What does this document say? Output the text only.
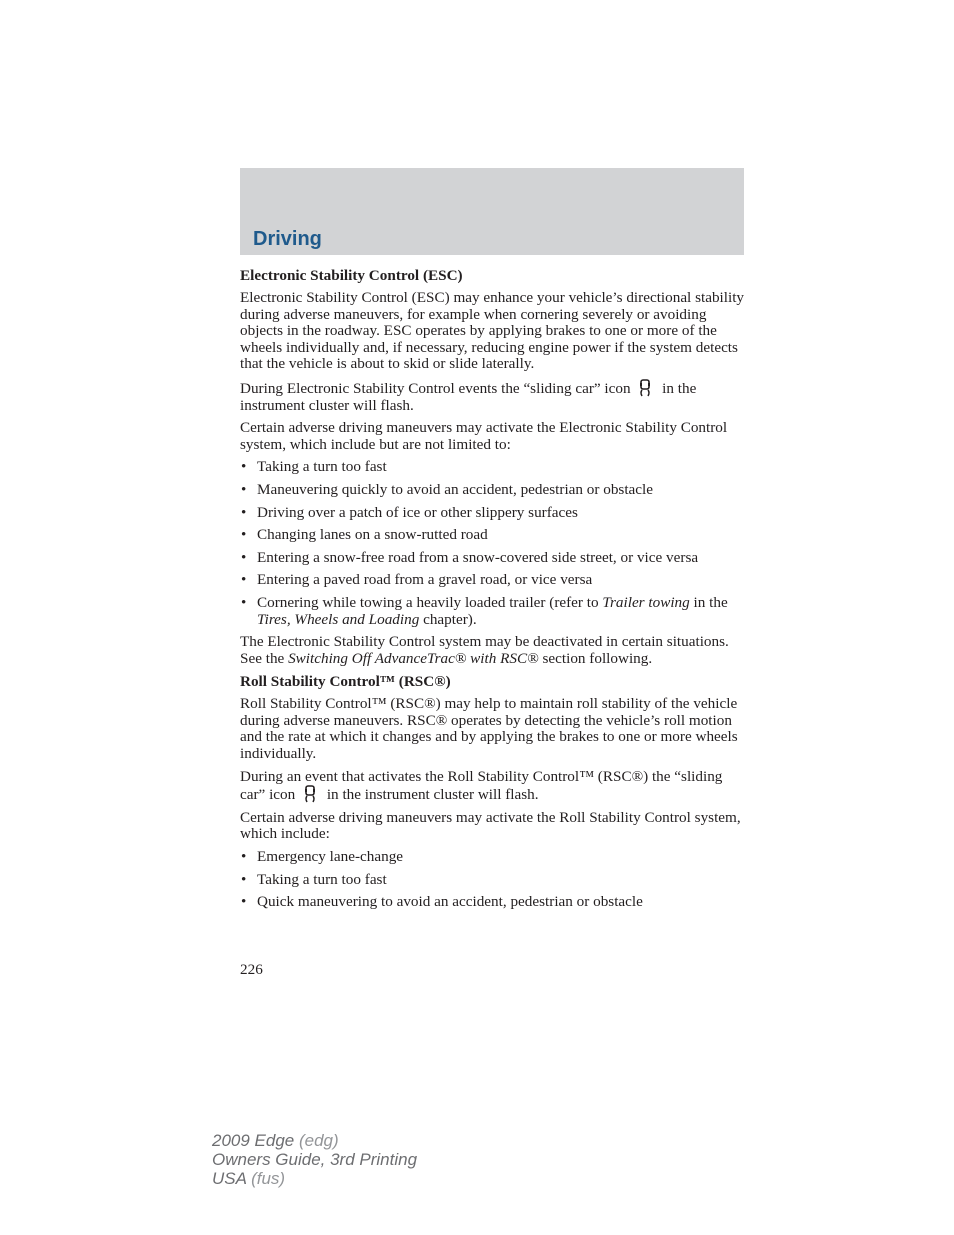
Driving
Electronic Stability Control (ESC)

Electronic Stability Control (ESC) may enhance your vehicle’s directional stability during adverse maneuvers, for example when cornering severely or avoiding objects in the roadway. ESC operates by applying brakes to one or more of the wheels individually and, if necessary, reducing engine power if the system detects that the vehicle is about to skid or slide laterally.

During Electronic Stability Control events the “sliding car” icon in the instrument cluster will flash.

Certain adverse driving maneuvers may activate the Electronic Stability Control system, which include but are not limited to:

• Taking a turn too fast
• Maneuvering quickly to avoid an accident, pedestrian or obstacle
• Driving over a patch of ice or other slippery surfaces
• Changing lanes on a snow-rutted road
• Entering a snow-free road from a snow-covered side street, or vice versa
• Entering a paved road from a gravel road, or vice versa
• Cornering while towing a heavily loaded trailer (refer to Trailer towing in the Tires, Wheels and Loading chapter).

The Electronic Stability Control system may be deactivated in certain situations. See the Switching Off AdvanceTrac® with RSC® section following.

Roll Stability Control™ (RSC®)

Roll Stability Control™ (RSC®) may help to maintain roll stability of the vehicle during adverse maneuvers. RSC® operates by detecting the vehicle’s roll motion and the rate at which it changes and by applying the brakes to one or more wheels individually.

During an event that activates the Roll Stability Control™ (RSC®) the “sliding car” icon in the instrument cluster will flash.

Certain adverse driving maneuvers may activate the Roll Stability Control system, which include:

• Emergency lane-change
• Taking a turn too fast
• Quick maneuvering to avoid an accident, pedestrian or obstacle
226
2009 Edge (edg)
Owners Guide, 3rd Printing
USA (fus)
